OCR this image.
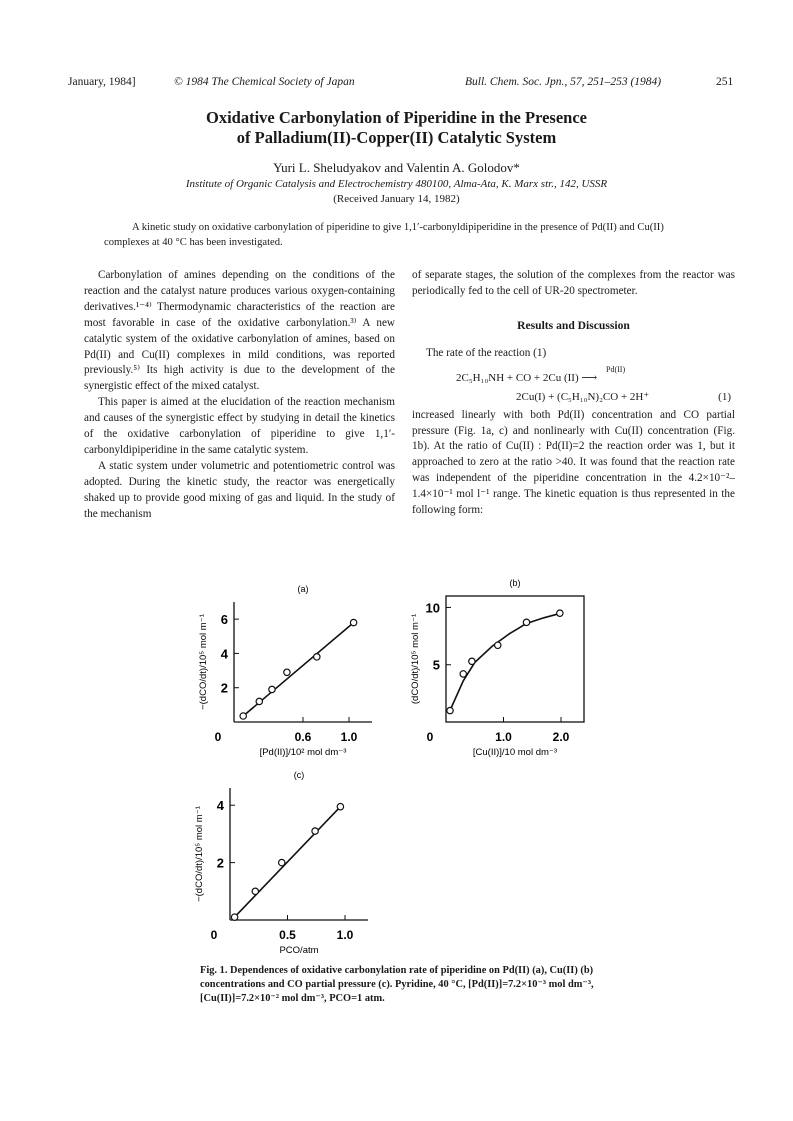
January, 1984]	© 1984 The Chemical Society of Japan	Bull. Chem. Soc. Jpn., 57, 251–253 (1984)	251
Oxidative Carbonylation of Piperidine in the Presence
of Palladium(II)-Copper(II) Catalytic System
Yuri L. Sheludyakov and Valentin A. Golodov*
Institute of Organic Catalysis and Electrochemistry 480100, Alma-Ata, K. Marx str., 142, USSR
(Received January 14, 1982)
A kinetic study on oxidative carbonylation of piperidine to give 1,1′-carbonyldipiperidine in the presence of Pd(II) and Cu(II) complexes at 40 °C has been investigated.

Carbonylation of amines depending on the conditions of the reaction and the catalyst nature produces various oxygen-containing derivatives.¹⁻⁴⁾ Thermodynamic characteristics of the reaction are most favorable in case of the oxidative carbonylation.³⁾ A new catalytic system of the oxidative carbonylation of amines, based on Pd(II) and Cu(II) complexes in mild conditions, was reported previously.⁵⁾ Its high activity is due to the development of the synergistic effect of the mixed catalyst.

This paper is aimed at the elucidation of the reaction mechanism and causes of the synergistic effect by studying in detail the kinetics of the oxidative carbonylation of piperidine to give 1,1′-carbonyldipiperidine in the same catalytic system.

A static system under volumetric and potentiometric control was adopted. During the kinetic study, the reactor was energetically shaked up to provide good mixing of gas and liquid. In the study of the mechanism

of separate stages, the solution of the complexes from the reactor was periodically fed to the cell of UR-20 spectrometer.

Results and Discussion

The rate of the reaction (1)

Pd(II)
2C₅H₁₀NH + CO + 2Cu (II) ⟶
2Cu(I) + (C₅H₁₀N)₂CO + 2H⁺	(1)

increased linearly with both Pd(II) concentration and CO partial pressure (Fig. 1a, c) and nonlinearly with Cu(II) concentration (Fig. 1b). At the ratio of Cu(II) : Pd(II)=2 the reaction order was 1, but it approached to zero at the ratio >40. It was found that the reaction rate was independent of the piperidine concentration in the 4.2×10⁻²–1.4×10⁻¹ mol l⁻¹ range. The kinetic equation is thus represented in the following form:

(a)
0	0.6 1.0
2
4
6
[Pd(II)]/10² mol dm⁻³
−(dCO/dt)/10⁵ mol m⁻¹
(b)
0	1.0	2.0
5
10
[Cu(II)]/10 mol dm⁻³
(dCO/dt)/10⁵ mol m⁻¹
(c)
0	0.5	1.0
2
4
PCO/atm
−(dCO/dt)/10⁵ mol m⁻¹
Fig. 1. Dependences of oxidative carbonylation rate of piperidine on Pd(II) (a), Cu(II) (b) concentrations and CO partial pressure (c). Pyridine, 40 °C, [Pd(II)]=7.2×10⁻³ mol dm⁻³, [Cu(II)]=7.2×10⁻² mol dm⁻³, PCO=1 atm.
